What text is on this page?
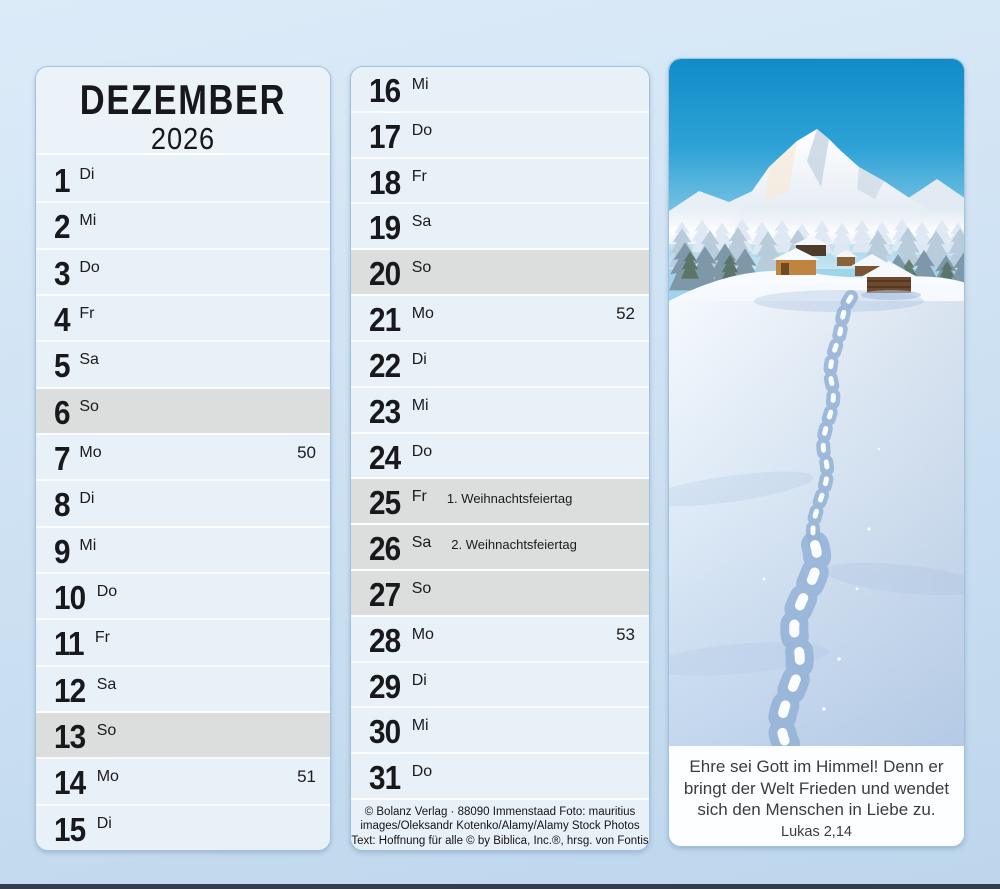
DEZEMBER
2026
1 Di
2 Mi
3 Do
4 Fr
5 Sa
6 So
7 Mo	50
8 Di
9 Mi
10 Do
11 Fr
12 Sa
13 So
14 Mo	51
15 Di
16 Mi
17 Do
18 Fr
19 Sa
20 So
21 Mo	52
22 Di
23 Mi
24 Do
25 Fr 1. Weihnachtsfeiertag
26 Sa 2. Weihnachtsfeiertag
27 So
28 Mo	53
29 Di
30 Mi
31 Do
© Bolanz Verlag · 88090 Immenstaad Foto: mauritius
images/Oleksandr Kotenko/Alamy/Alamy Stock Photos
Text: Hoffnung für alle © by Biblica, Inc.®, hrsg. von Fontis
Ehre sei Gott im Himmel! Denn er
bringt der Welt Frieden und wendet
sich den Menschen in Liebe zu.
Lukas 2,14
